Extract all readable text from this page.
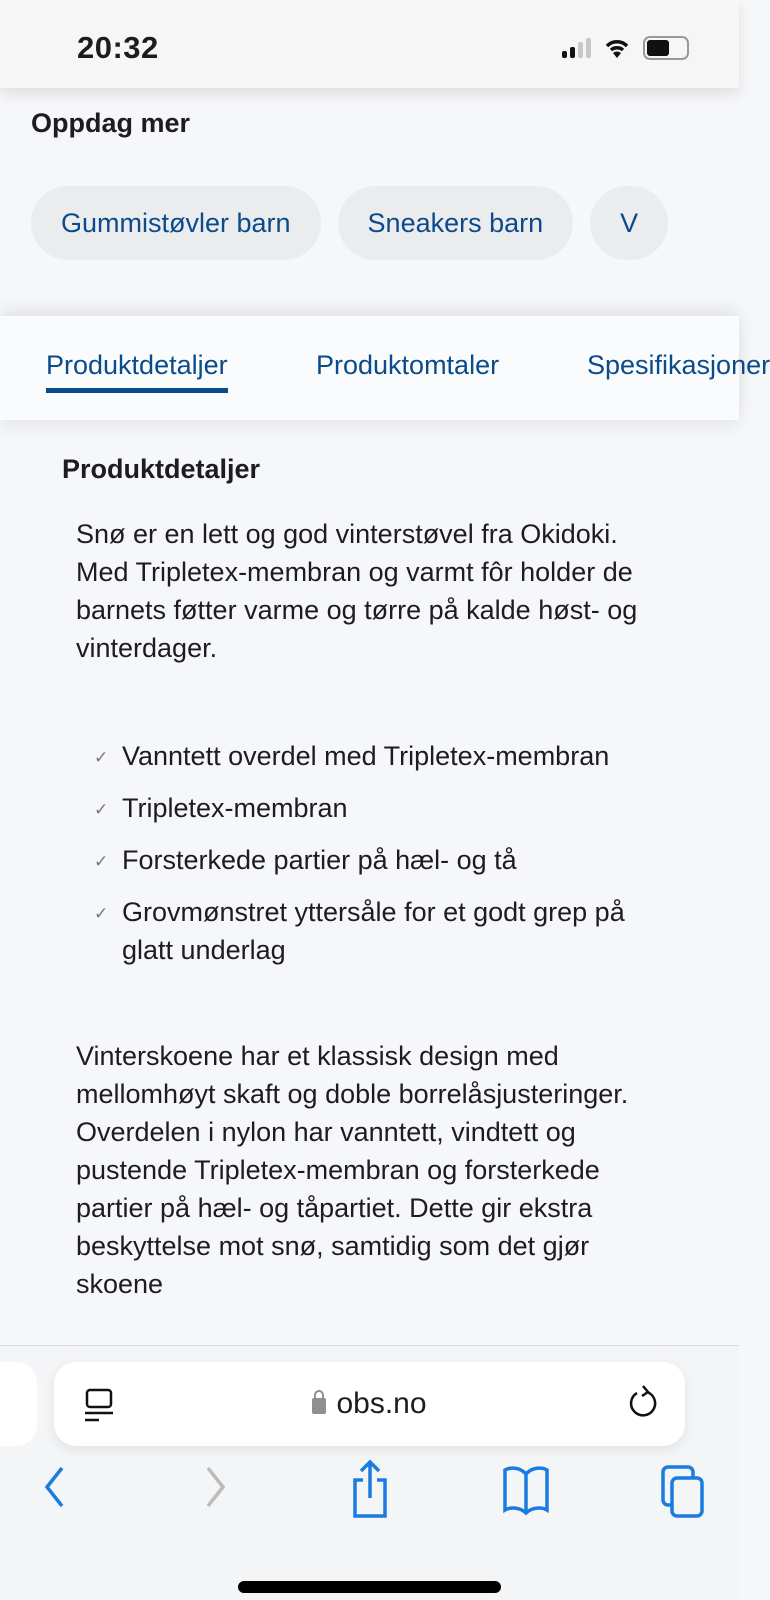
20:32
Oppdag mer
Gummistøvler barn	Sneakers barn	V
Produktdetaljer	Produktomtaler	Spesifikasjoner
Produktdetaljer

Snø er en lett og god vinterstøvel fra Okidoki. Med Tripletex-membran og varmt fôr holder de barnets føtter varme og tørre på kalde høst- og vinterdager.

✓ Vanntett overdel med Tripletex-membran
✓ Tripletex-membran
✓ Forsterkede partier på hæl- og tå
✓ Grovmønstret yttersåle for et godt grep på glatt underlag

Vinterskoene har et klassisk design med mellomhøyt skaft og doble borrelåsjusteringer. Overdelen i nylon har vanntett, vindtett og pustende Tripletex-membran og forsterkede partier på hæl- og tåpartiet. Dette gir ekstra beskyttelse mot snø, samtidig som det gjør skoene

obs.no
